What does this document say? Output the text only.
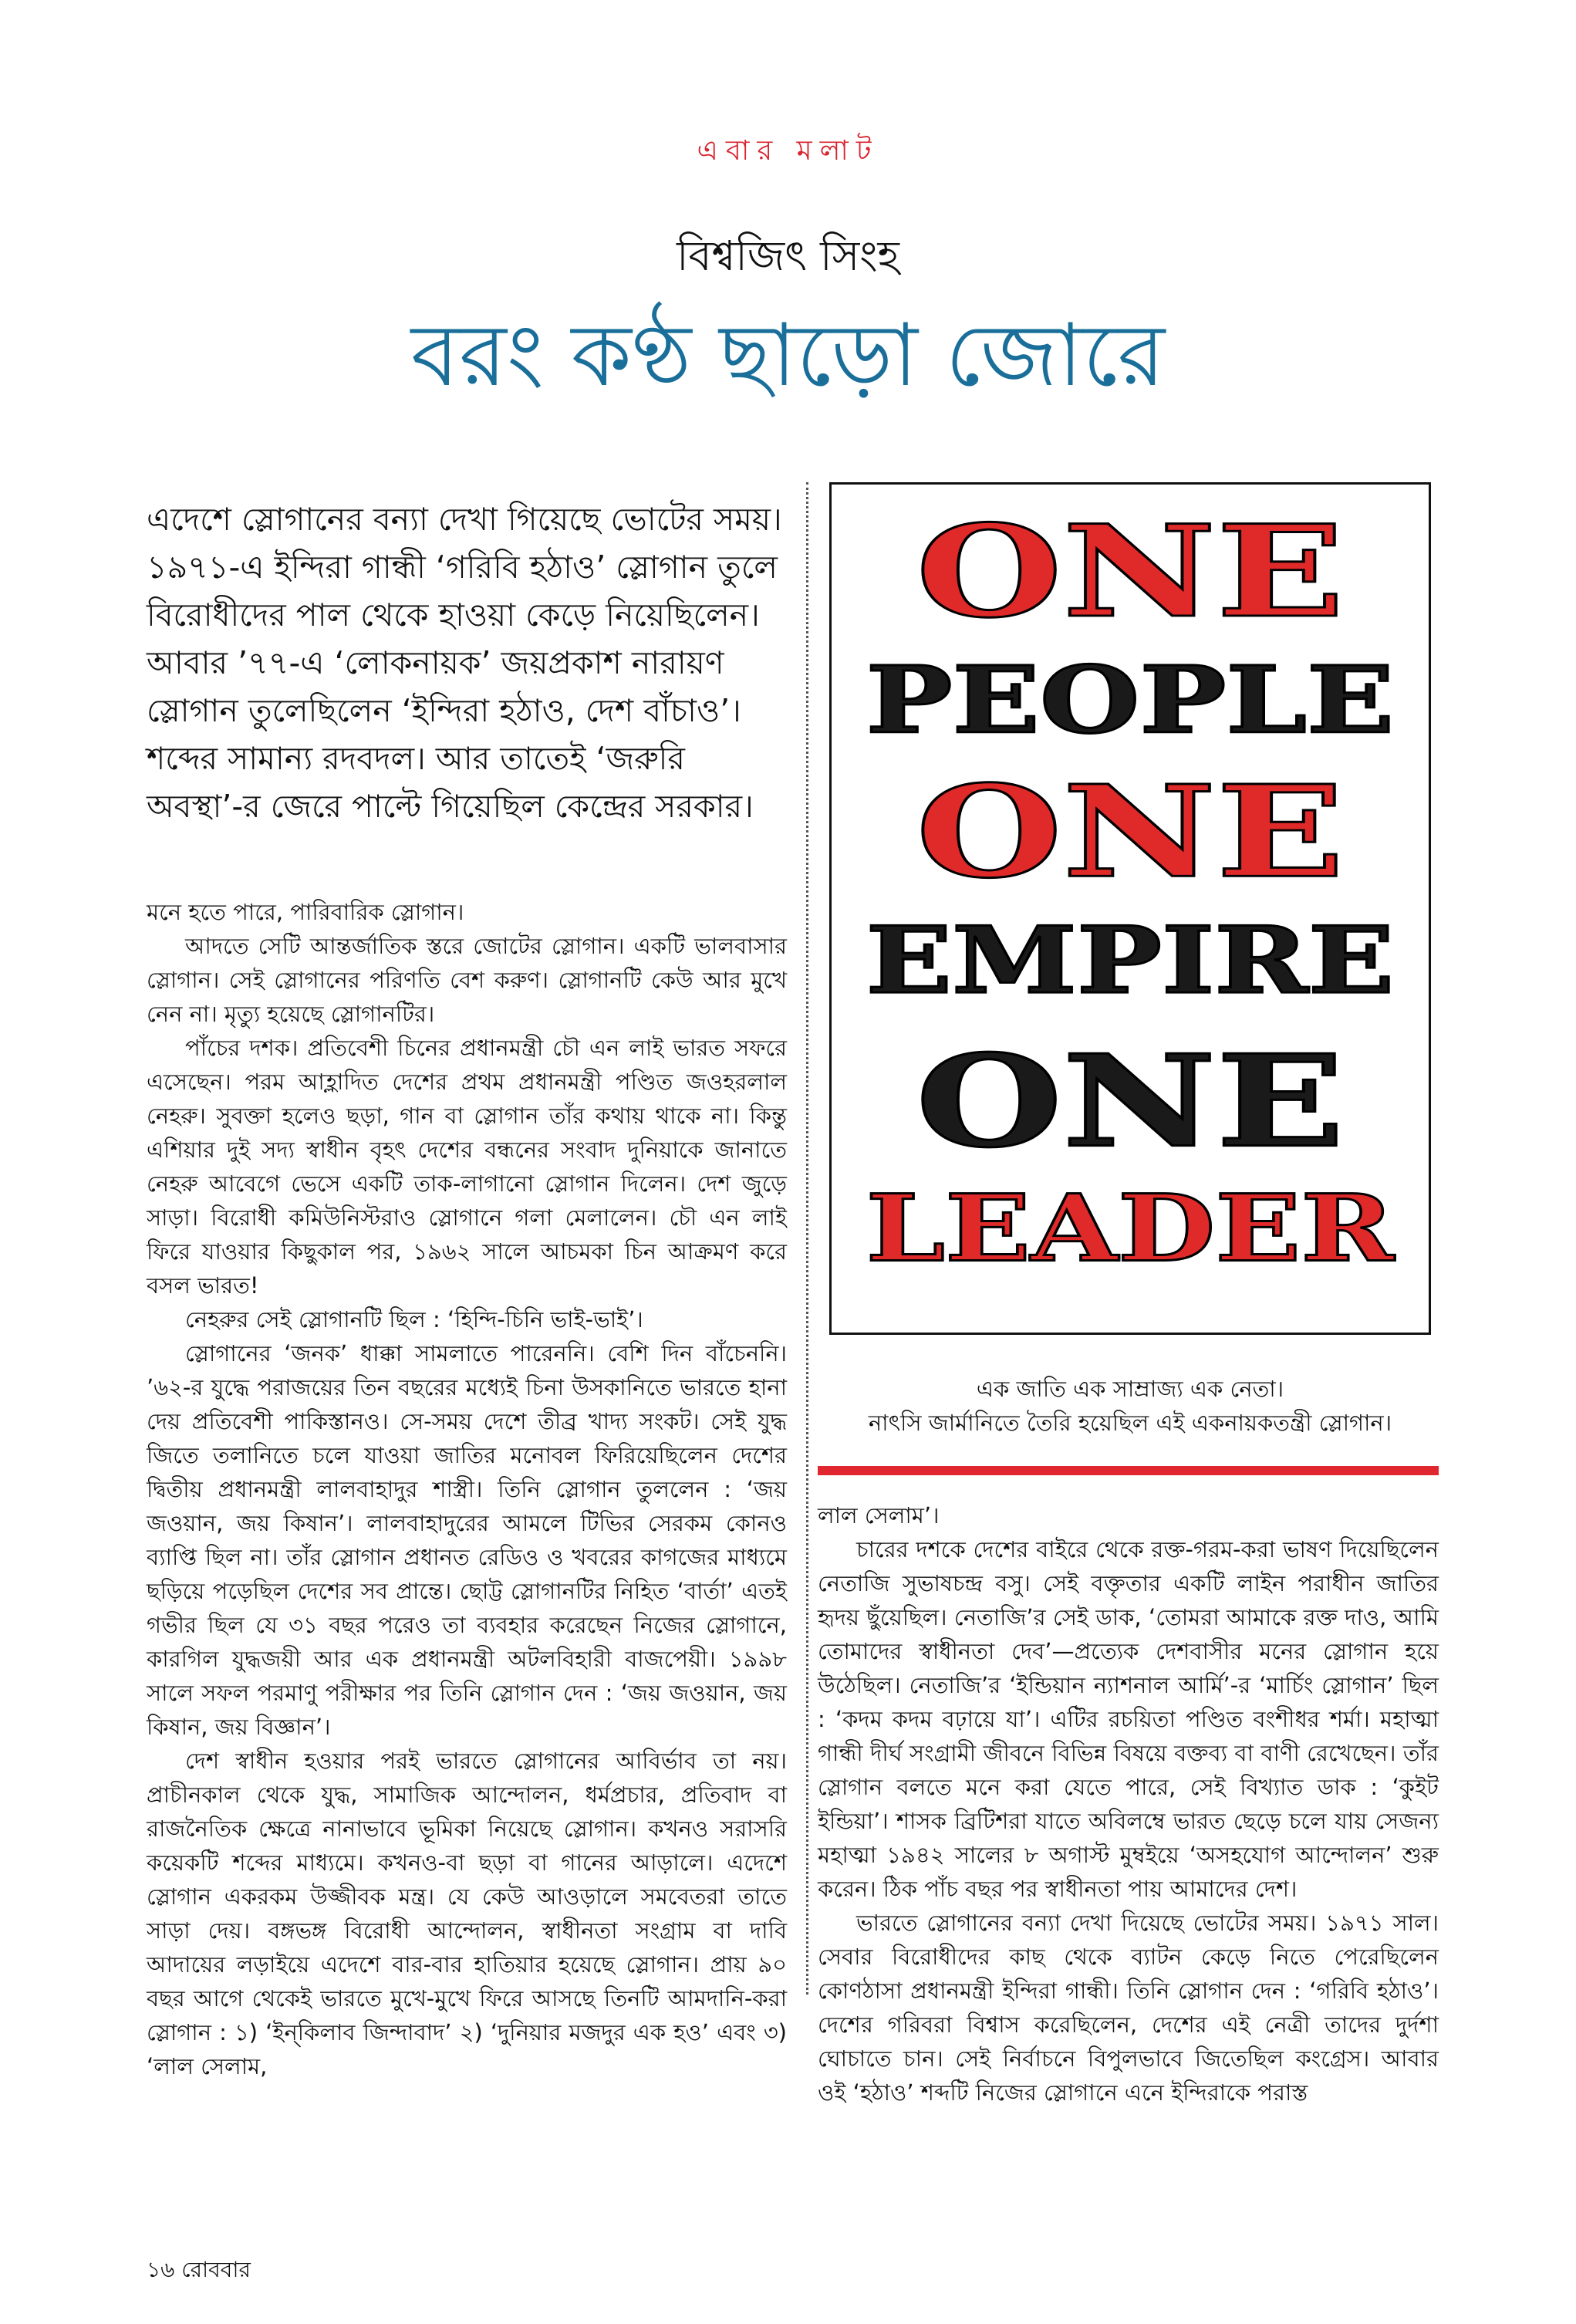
এবার মলাট
বিশ্বজিৎ সিংহ
বরং কণ্ঠ ছাড়ো জোরে
এদেশে স্লোগানের বন্যা দেখা গিয়েছে ভোটের সময়। ১৯৭১-এ ইন্দিরা গান্ধী ‘গরিবি হঠাও’ স্লোগান তুলে বিরোধীদের পাল থেকে হাওয়া কেড়ে নিয়েছিলেন। আবার ’৭৭-এ ‘লোকনায়ক’ জয়প্রকাশ নারায়ণ স্লোগান তুলেছিলেন ‘ইন্দিরা হঠাও, দেশ বাঁচাও’। শব্দের সামান্য রদবদল। আর তাতেই ‘জরুরি অবস্থা’-র জেরে পাল্টে গিয়েছিল কেন্দ্রের সরকার।
ONE
PEOPLE
ONE
EMPIRE
ONE
LEADER
এক জাতি এক সাম্রাজ্য এক নেতা।
নাৎসি জার্মানিতে তৈরি হয়েছিল এই একনায়কতন্ত্রী স্লোগান।

মনে হতে পারে, পারিবারিক স্লোগান।

আদতে সেটি আন্তর্জাতিক স্তরে জোটের স্লোগান। একটি ভালবাসার স্লোগান। সেই স্লোগানের পরিণতি বেশ করুণ। স্লোগানটি কেউ আর মুখে নেন না। মৃত্যু হয়েছে স্লোগানটির।

পাঁচের দশক। প্রতিবেশী চিনের প্রধানমন্ত্রী চৌ এন লাই ভারত সফরে এসেছেন। পরম আহ্লাদিত দেশের প্রথম প্রধানমন্ত্রী পণ্ডিত জওহরলাল নেহরু। সুবক্তা হলেও ছড়া, গান বা স্লোগান তাঁর কথায় থাকে না। কিন্তু এশিয়ার দুই সদ্য স্বাধীন বৃহৎ দেশের বন্ধনের সংবাদ দুনিয়াকে জানাতে নেহরু আবেগে ভেসে একটি তাক-লাগানো স্লোগান দিলেন। দেশ জুড়ে সাড়া। বিরোধী কমিউনিস্টরাও স্লোগানে গলা মেলালেন। চৌ এন লাই ফিরে যাওয়ার কিছুকাল পর, ১৯৬২ সালে আচমকা চিন আক্রমণ করে বসল ভারত!

নেহরুর সেই স্লোগানটি ছিল : ‘হিন্দি-চিনি ভাই-ভাই’।

স্লোগানের ‘জনক’ ধাক্কা সামলাতে পারেননি। বেশি দিন বাঁচেননি। ’৬২-র যুদ্ধে পরাজয়ের তিন বছরের মধ্যেই চিনা উসকানিতে ভারতে হানা দেয় প্রতিবেশী পাকিস্তানও। সে-সময় দেশে তীব্র খাদ্য সংকট। সেই যুদ্ধ জিতে তলানিতে চলে যাওয়া জাতির মনোবল ফিরিয়েছিলেন দেশের দ্বিতীয় প্রধানমন্ত্রী লালবাহাদুর শাস্ত্রী। তিনি স্লোগান তুললেন : ‘জয় জওয়ান, জয় কিষান’। লালবাহাদুরের আমলে টিভির সেরকম কোনও ব্যাপ্তি ছিল না। তাঁর স্লোগান প্রধানত রেডিও ও খবরের কাগজের মাধ্যমে ছড়িয়ে পড়েছিল দেশের সব প্রান্তে। ছোট্ট স্লোগানটির নিহিত ‘বার্তা’ এতই গভীর ছিল যে ৩১ বছর পরেও তা ব্যবহার করেছেন নিজের স্লোগানে, কারগিল যুদ্ধজয়ী আর এক প্রধানমন্ত্রী অটলবিহারী বাজপেয়ী। ১৯৯৮ সালে সফল পরমাণু পরীক্ষার পর তিনি স্লোগান দেন : ‘জয় জওয়ান, জয় কিষান, জয় বিজ্ঞান’।

দেশ স্বাধীন হওয়ার পরই ভারতে স্লোগানের আবির্ভাব তা নয়। প্রাচীনকাল থেকে যুদ্ধ, সামাজিক আন্দোলন, ধর্মপ্রচার, প্রতিবাদ বা রাজনৈতিক ক্ষেত্রে নানাভাবে ভূমিকা নিয়েছে স্লোগান। কখনও সরাসরি কয়েকটি শব্দের মাধ্যমে। কখনও-বা ছড়া বা গানের আড়ালে। এদেশে স্লোগান একরকম উজ্জীবক মন্ত্র। যে কেউ আওড়ালে সমবেতরা তাতে সাড়া দেয়। বঙ্গভঙ্গ বিরোধী আন্দোলন, স্বাধীনতা সংগ্রাম বা দাবি আদায়ের লড়াইয়ে এদেশে বার-বার হাতিয়ার হয়েছে স্লোগান। প্রায় ৯০ বছর আগে থেকেই ভারতে মুখে-মুখে ফিরে আসছে তিনটি আমদানি-করা স্লোগান : ১) ‘ইন্‌কিলাব জিন্দাবাদ’ ২) ‘দুনিয়ার মজদুর এক হও’ এবং ৩) ‘লাল সেলাম,

লাল সেলাম’।

চারের দশকে দেশের বাইরে থেকে রক্ত-গরম-করা ভাষণ দিয়েছিলেন নেতাজি সুভাষচন্দ্র বসু। সেই বক্তৃতার একটি লাইন পরাধীন জাতির হৃদয় ছুঁয়েছিল। নেতাজি’র সেই ডাক, ‘তোমরা আমাকে রক্ত দাও, আমি তোমাদের স্বাধীনতা দেব’—প্রত্যেক দেশবাসীর মনের স্লোগান হয়ে উঠেছিল। নেতাজি’র ‘ইন্ডিয়ান ন্যাশনাল আর্মি’-র ‘মার্চিং স্লোগান’ ছিল : ‘কদম কদম বঢ়ায়ে যা’। এটির রচয়িতা পণ্ডিত বংশীধর শর্মা। মহাত্মা গান্ধী দীর্ঘ সংগ্রামী জীবনে বিভিন্ন বিষয়ে বক্তব্য বা বাণী রেখেছেন। তাঁর স্লোগান বলতে মনে করা যেতে পারে, সেই বিখ্যাত ডাক : ‘কুইট ইন্ডিয়া’। শাসক ব্রিটিশরা যাতে অবিলম্বে ভারত ছেড়ে চলে যায় সেজন্য মহাত্মা ১৯৪২ সালের ৮ অগাস্ট মুম্বইয়ে ‘অসহযোগ আন্দোলন’ শুরু করেন। ঠিক পাঁচ বছর পর স্বাধীনতা পায় আমাদের দেশ।

ভারতে স্লোগানের বন্যা দেখা দিয়েছে ভোটের সময়। ১৯৭১ সাল। সেবার বিরোধীদের কাছ থেকে ব্যাটন কেড়ে নিতে পেরেছিলেন কোণঠাসা প্রধানমন্ত্রী ইন্দিরা গান্ধী। তিনি স্লোগান দেন : ‘গরিবি হঠাও’। দেশের গরিবরা বিশ্বাস করেছিলেন, দেশের এই নেত্রী তাদের দুর্দশা ঘোচাতে চান। সেই নির্বাচনে বিপুলভাবে জিতেছিল কংগ্রেস। আবার ওই ‘হঠাও’ শব্দটি নিজের স্লোগানে এনে ইন্দিরাকে পরাস্ত

১৬ রোববার
